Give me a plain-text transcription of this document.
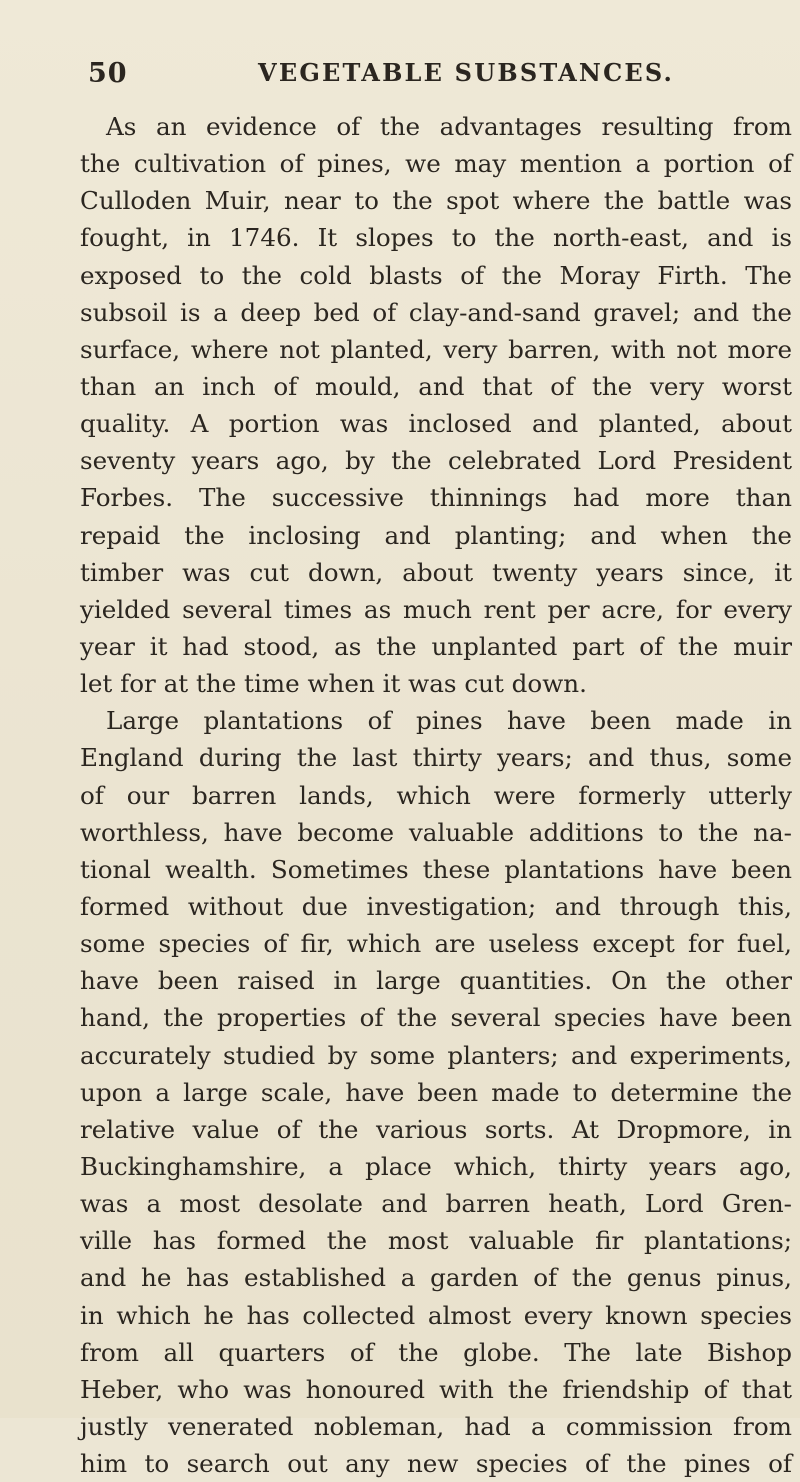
50	VEGETABLE SUBSTANCES.
As an evidence of the advantages resulting from
the cultivation of pines, we may mention a portion of
Culloden Muir, near to the spot where the battle was
fought, in 1746. It slopes to the north-east, and is
exposed to the cold blasts of the Moray Firth. The
subsoil is a deep bed of clay-and-sand gravel; and the
surface, where not planted, very barren, with not more
than an inch of mould, and that of the very worst
quality. A portion was inclosed and planted, about
seventy years ago, by the celebrated Lord President
Forbes. The successive thinnings had more than
repaid the inclosing and planting; and when the
timber was cut down, about twenty years since, it
yielded several times as much rent per acre, for every
year it had stood, as the unplanted part of the muir
let for at the time when it was cut down.
Large plantations of pines have been made in
England during the last thirty years; and thus, some
of our barren lands, which were formerly utterly
worthless, have become valuable additions to the na-
tional wealth. Sometimes these plantations have been
formed without due investigation; and through this,
some species of fir, which are useless except for fuel,
have been raised in large quantities. On the other
hand, the properties of the several species have been
accurately studied by some planters; and experiments,
upon a large scale, have been made to determine the
relative value of the various sorts. At Dropmore, in
Buckinghamshire, a place which, thirty years ago,
was a most desolate and barren heath, Lord Gren-
ville has formed the most valuable fir plantations;
and he has established a garden of the genus pinus,
in which he has collected almost every known species
from all quarters of the globe. The late Bishop
Heber, who was honoured with the friendship of that
justly venerated nobleman, had a commission from
him to search out any new species of the pines of
